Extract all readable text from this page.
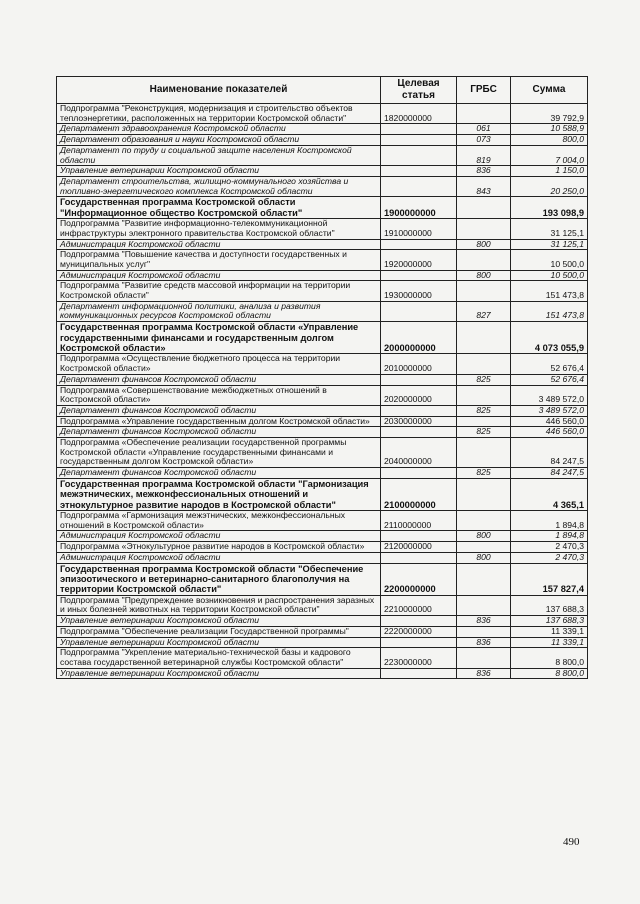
Наименование показателей	Целевая статья	ГРБС	Сумма
Подпрограмма "Реконструкция, модернизация и строительство объектов теплоэнергетики, расположенных на территории Костромской области"	1820000000		39 792,9
Департамент здравоохранения Костромской области		061	10 588,9
Департамент образования и науки Костромской области		073	800,0
Департамент по труду и социальной защите населения Костромской области		819	7 004,0
Управление ветеринарии Костромской области		836	1 150,0
Департамент строительства, жилищно-коммунального хозяйства и топливно-энергетического комплекса Костромской области		843	20 250,0
Государственная программа Костромской области "Информационное общество Костромской области"	1900000000		193 098,9
Подпрограмма "Развитие информационно-телекоммуникационной инфраструктуры электронного правительства Костромской области"	1910000000		31 125,1
Администрация Костромской области		800	31 125,1
Подпрограмма "Повышение качества и доступности государственных и муниципальных услуг"	1920000000		10 500,0
Администрация Костромской области		800	10 500,0
Подпрограмма "Развитие средств массовой информации на территории Костромской области"	1930000000		151 473,8
Департамент информационной политики, анализа и развития коммуникационных ресурсов Костромской области		827	151 473,8
Государственная программа Костромской области «Управление государственными финансами и государственным долгом Костромской области»	2000000000		4 073 055,9
Подпрограмма «Осуществление бюджетного процесса на территории Костромской области»	2010000000		52 676,4
Департамент финансов Костромской области		825	52 676,4
Подпрограмма «Совершенствование межбюджетных отношений в Костромской области»	2020000000		3 489 572,0
Департамент финансов Костромской области		825	3 489 572,0
Подпрограмма «Управление государственным долгом Костромской области»	2030000000		446 560,0
Департамент финансов Костромской области		825	446 560,0
Подпрограмма «Обеспечение реализации государственной программы Костромской области «Управление государственными финансами и государственным долгом Костромской области»	2040000000		84 247,5
Департамент финансов Костромской области		825	84 247,5
Государственная программа Костромской области "Гармонизация межэтнических, межконфессиональных отношений и этнокультурное развитие народов в Костромской области"	2100000000		4 365,1
Подпрограмма «Гармонизация межэтнических, межконфессиональных отношений в Костромской области»	2110000000		1 894,8
Администрация Костромской области		800	1 894,8
Подпрограмма «Этнокультурное развитие народов в Костромской области»	2120000000		2 470,3
Администрация Костромской области		800	2 470,3
Государственная программа Костромской области "Обеспечение эпизоотического и ветеринарно-санитарного благополучия на территории Костромской области"	2200000000		157 827,4
Подпрограмма "Предупреждение возникновения и распространения заразных и иных болезней животных на территории Костромской области"	2210000000		137 688,3
Управление ветеринарии Костромской области		836	137 688,3
Подпрограмма "Обеспечение реализации Государственной программы"	2220000000		11 339,1
Управление ветеринарии Костромской области		836	11 339,1
Подпрограмма "Укрепление материально-технической базы и кадрового состава государственной ветеринарной службы Костромской области"	2230000000		8 800,0
Управление ветеринарии Костромской области		836	8 800,0
490
